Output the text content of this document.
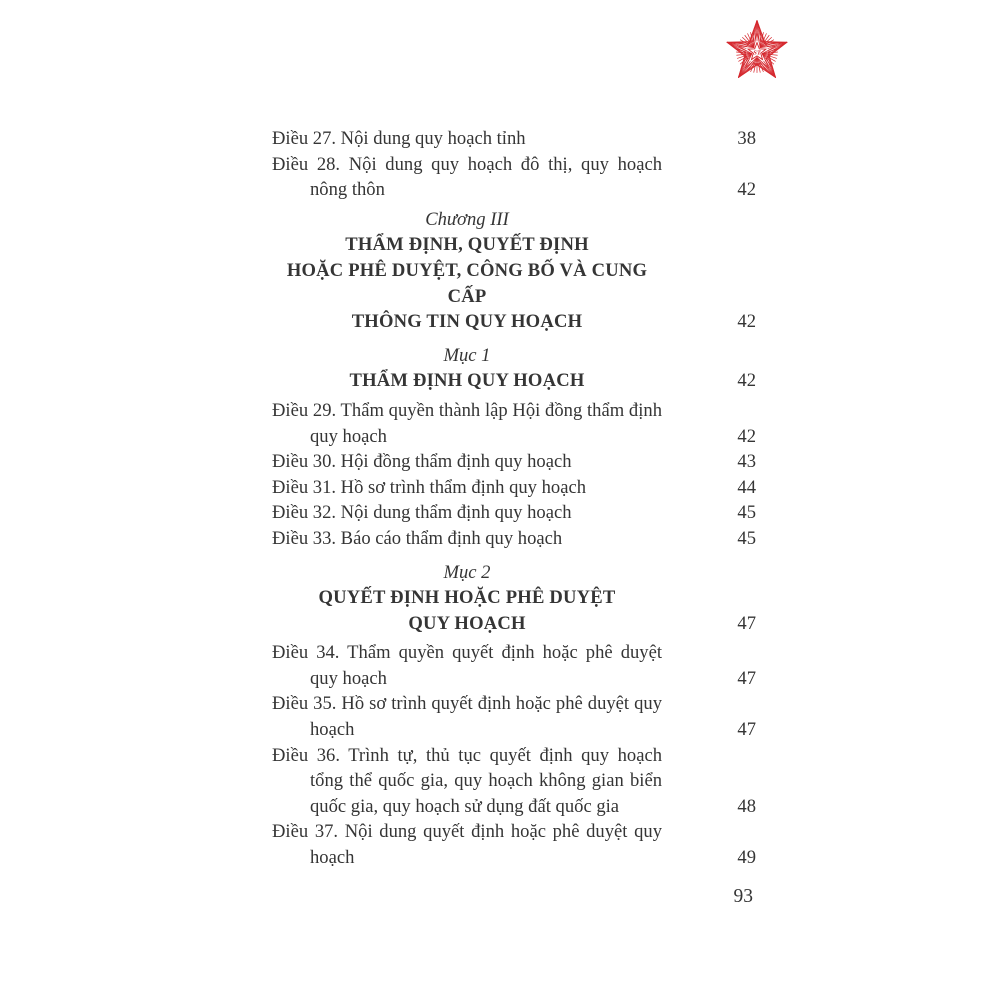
ST
Điều 27. Nội dung quy hoạch tỉnh	38
Điều 28. Nội dung quy hoạch đô thị, quy hoạch nông thôn	42
Chương III
THẨM ĐỊNH, QUYẾT ĐỊNH
HOẶC PHÊ DUYỆT, CÔNG BỐ VÀ CUNG CẤP
THÔNG TIN QUY HOẠCH	42
Mục 1
THẨM ĐỊNH QUY HOẠCH	42
Điều 29. Thẩm quyền thành lập Hội đồng thẩm định quy hoạch	42
Điều 30. Hội đồng thẩm định quy hoạch	43
Điều 31. Hồ sơ trình thẩm định quy hoạch	44
Điều 32. Nội dung thẩm định quy hoạch	45
Điều 33. Báo cáo thẩm định quy hoạch	45
Mục 2
QUYẾT ĐỊNH HOẶC PHÊ DUYỆT
QUY HOẠCH	47
Điều 34. Thẩm quyền quyết định hoặc phê duyệt quy hoạch	47
Điều 35. Hồ sơ trình quyết định hoặc phê duyệt quy hoạch	47
Điều 36. Trình tự, thủ tục quyết định quy hoạch tổng thể quốc gia, quy hoạch không gian biển quốc gia, quy hoạch sử dụng đất quốc gia	48
Điều 37. Nội dung quyết định hoặc phê duyệt quy hoạch	49
93
